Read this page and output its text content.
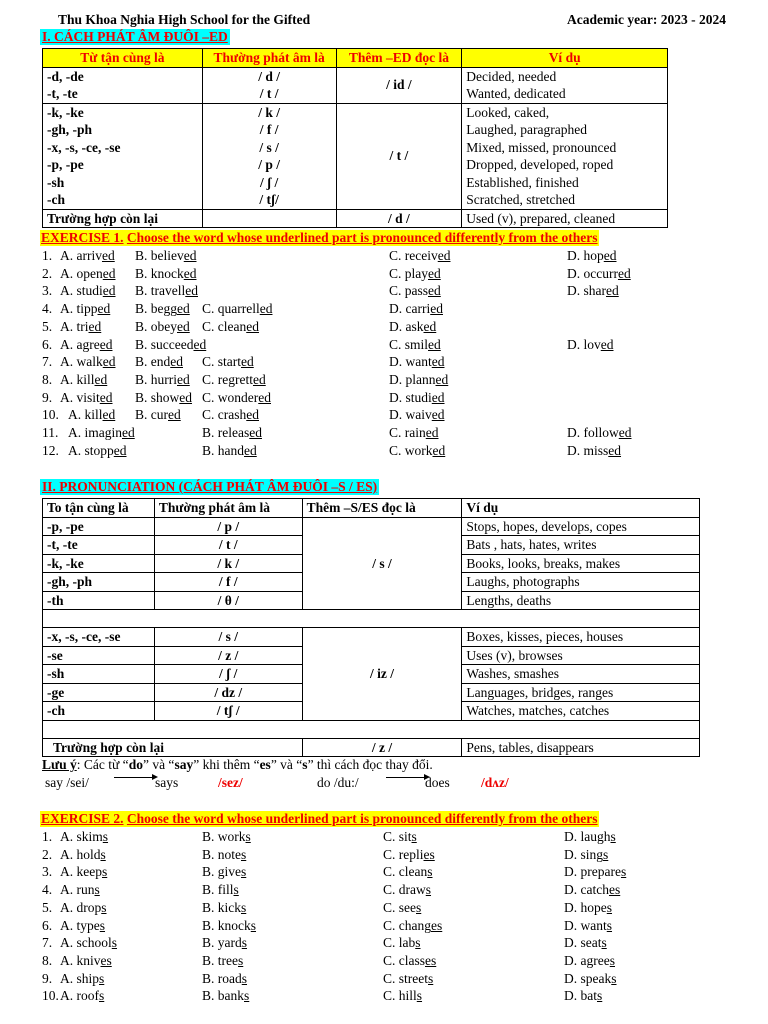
Thu Khoa Nghia High School for the Gifted	Academic year: 2023 - 2024
I. CÁCH PHÁT ÂM ĐUÔI –ED
Từ tận cùng là	Thường phát âm là	Thêm –ED đọc là	Ví dụ
-d, -de	/ d /	/ id /	Decided, needed
-t, -te	/ t /		Wanted, dedicated
-k, -ke	/ k /	/ t /	Looked, caked,
-gh, -ph	/ f /		Laughed, paragraphed
-x, -s, -ce, -se	/ s /		Mixed, missed, pronounced
-p, -pe	/ p /		Dropped, developed, roped
-sh	/ ʃ /		Established, finished
-ch	/ tʃ/		Scratched, stretched
Trường hợp còn lại		/ d /	Used (v), prepared, cleaned
EXERCISE 1. Choose the word whose underlined part is pronounced differently from the others
1. A. arrived B. believed	C. received	D. hoped
2. A. opened B. knocked	C. played	D. occurred
3. A. studied B. travelled	C. passed	D. shared
4. A. tipped B. begged C. quarrelled	D. carried
5. A. tried	B. obeyed C. cleaned	D. asked
6. A. agreed B. succeeded	C. smiled	D. loved
7. A. walked B. ended C. started	D. wanted
8. A. killed B. hurried C. regretted	D. planned
9. A. visited B. showed C. wondered	D. studied
10. A. killed B. cured C. crashed	D. waived
11. A. imagined	B. released	C. rained	D. followed
12. A. stopped	B. handed	C. worked	D. missed
II. PRONUNCIATION (CÁCH PHÁT ÂM ĐUÔI –S / ES)
To tận cùng là	Thường phát âm là	Thêm –S/ES đọc là	Ví dụ
-p, -pe	/ p /	/ s /	Stops, hopes, develops, copes
-t, -te	/ t /		Bats , hats, hates, writes
-k, -ke	/ k /		Books, looks, breaks, makes
-gh, -ph	/ f /		Laughs, photographs
-th	/ θ /		Lengths, deaths

-x, -s, -ce, -se	/ s /	/ iz /	Boxes, kisses, pieces, houses
-se	/ z /		Uses (v), browses
-sh	/ ʃ /		Washes, smashes
-ge	/ dz /		Languages, bridges, ranges
-ch	/ tʃ /		Watches, matches, catches

Trường hợp còn lại		/ z /	Pens, tables, disappears
Lưu ý: Các từ “do” và “say” khi thêm “es” và “s” thì cách đọc thay đổi.
say /sei/	says	/sez/	do /du:/	does /dʌz/
EXERCISE 2. Choose the word whose underlined part is pronounced differently from the others
1. A. skims	B. works	C. sits	D. laughs
2. A. holds	B. notes	C. replies	D. sings
3. A. keeps	B. gives	C. cleans	D. prepares
4. A. runs	B. fills	C. draws	D. catches
5. A. drops	B. kicks	C. sees	D. hopes
6. A. types	B. knocks	C. changes	D. wants
7. A. schools	B. yards	C. labs	D. seats
8. A. knives	B. trees	C. classes	D. agrees
9. A. ships	B. roads	C. streets	D. speaks
10. A. roofs	B. banks	C. hills	D. bats
